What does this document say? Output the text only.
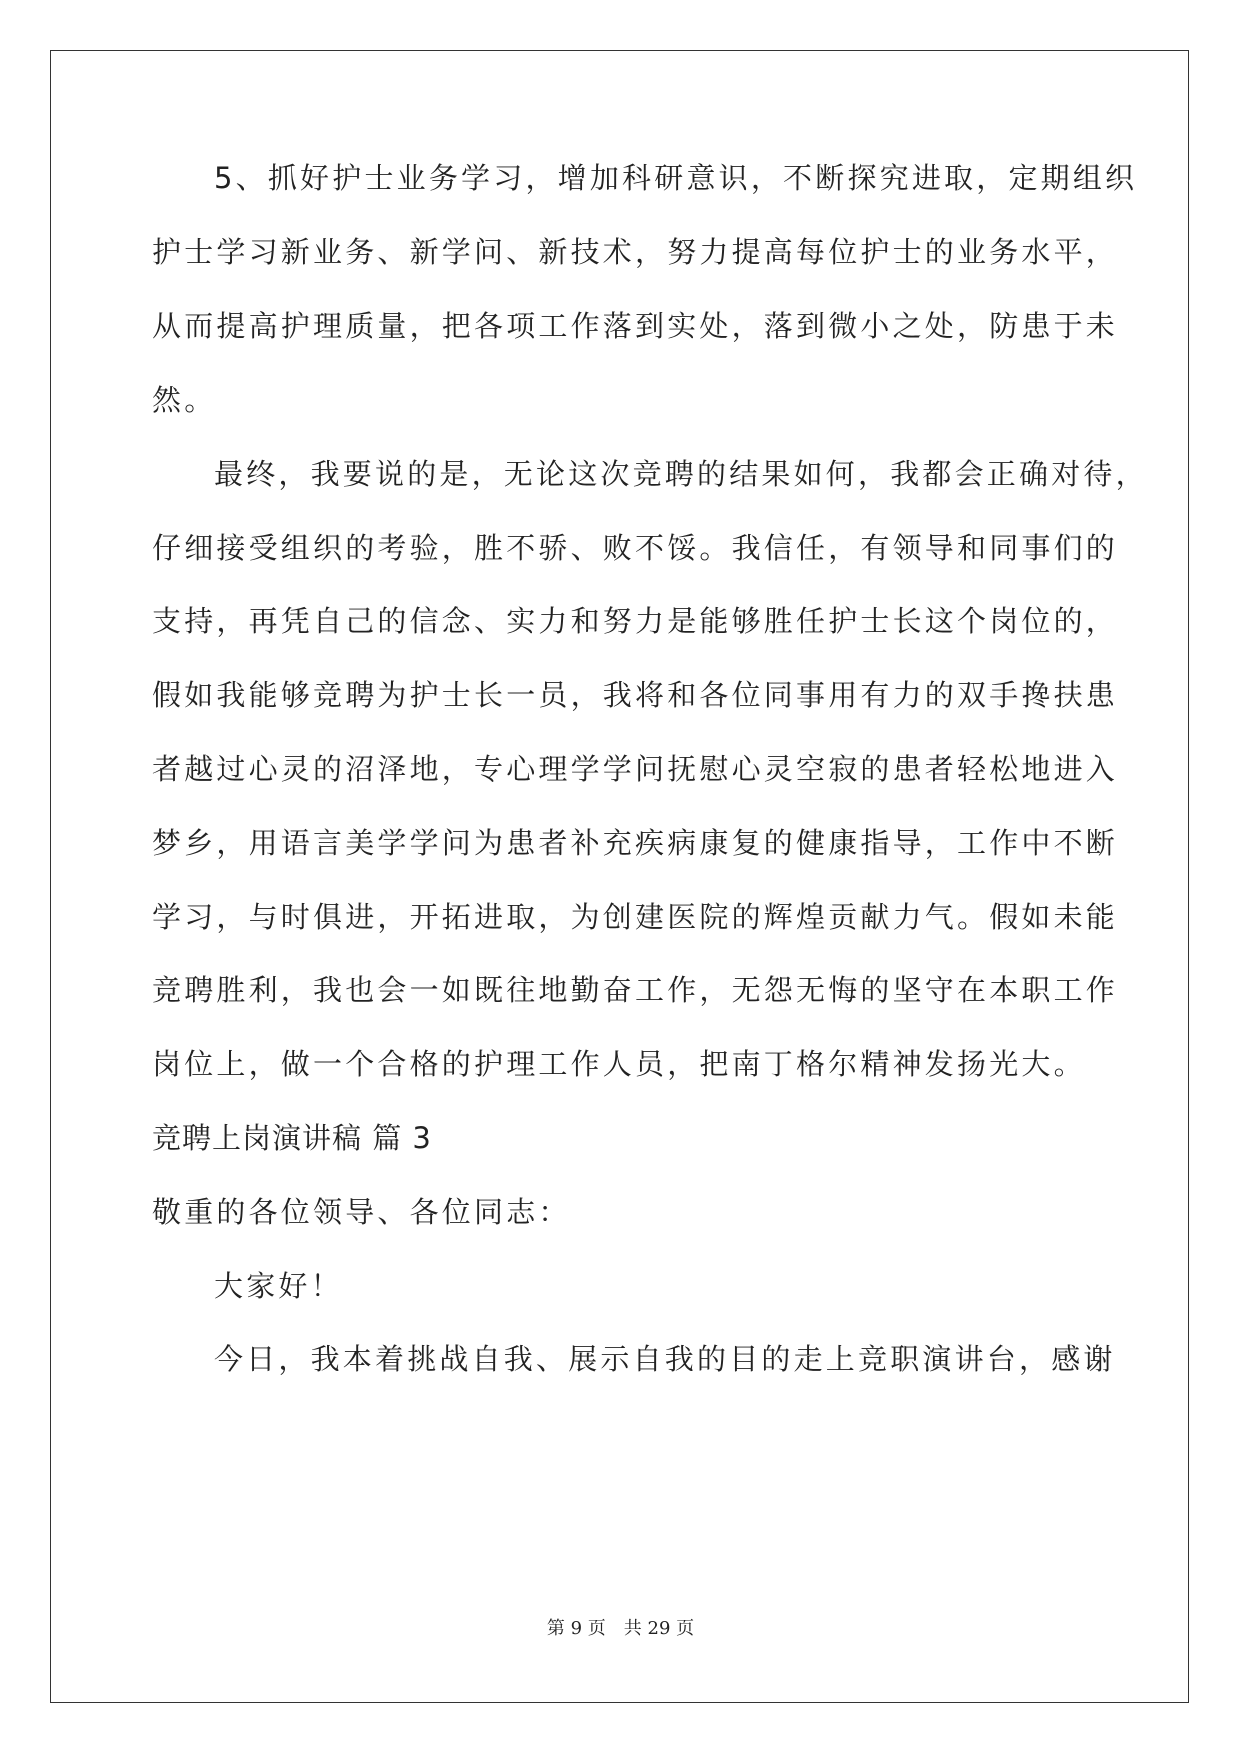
5、抓好护士业务学习，增加科研意识，不断探究进取，定期组织
护士学习新业务、新学问、新技术，努力提高每位护士的业务水平，
从而提高护理质量，把各项工作落到实处，落到微小之处，防患于未
然。
最终，我要说的是，无论这次竞聘的结果如何，我都会正确对待，
仔细接受组织的考验，胜不骄、败不馁。我信任，有领导和同事们的
支持，再凭自己的信念、实力和努力是能够胜任护士长这个岗位的，
假如我能够竞聘为护士长一员，我将和各位同事用有力的双手搀扶患
者越过心灵的沼泽地，专心理学学问抚慰心灵空寂的患者轻松地进入
梦乡，用语言美学学问为患者补充疾病康复的健康指导，工作中不断
学习，与时俱进，开拓进取，为创建医院的辉煌贡献力气。假如未能
竞聘胜利，我也会一如既往地勤奋工作，无怨无悔的坚守在本职工作
岗位上，做一个合格的护理工作人员，把南丁格尔精神发扬光大。
竞聘上岗演讲稿 篇 3
敬重的各位领导、各位同志：
大家好！
今日，我本着挑战自我、展示自我的目的走上竞职演讲台，感谢
第 9 页　共 29 页
